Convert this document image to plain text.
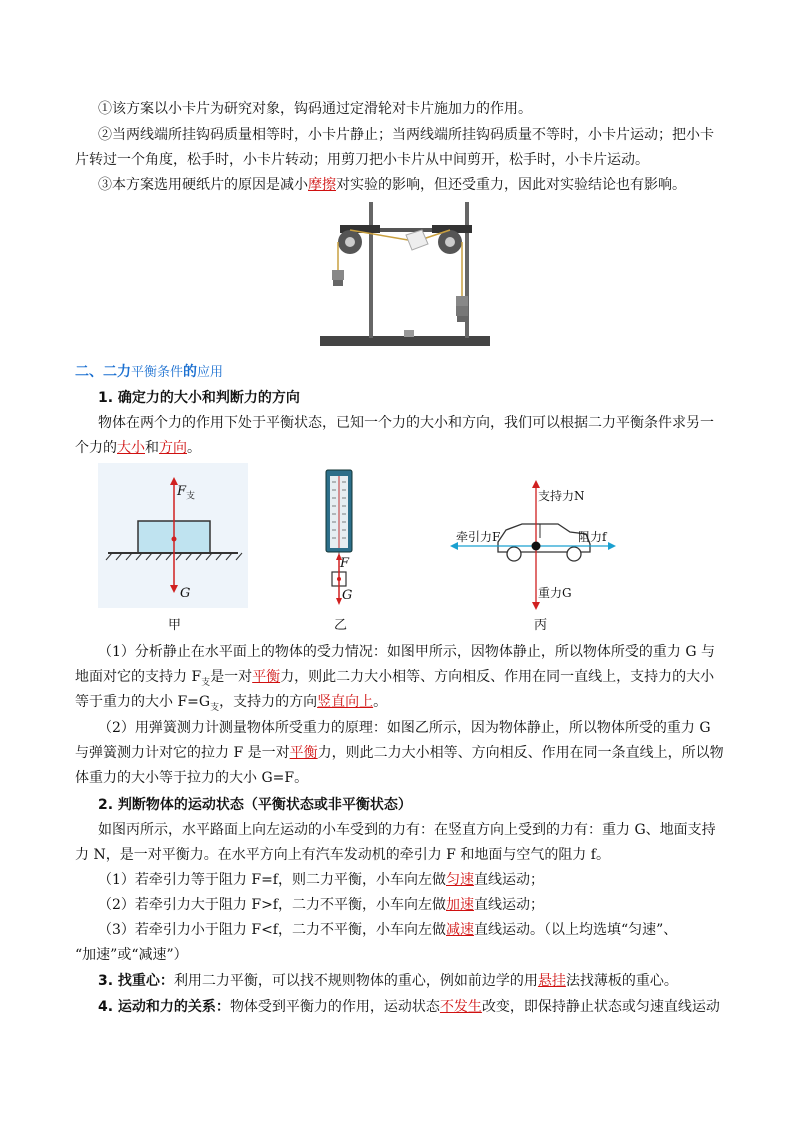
①该方案以小卡片为研究对象，钩码通过定滑轮对卡片施加力的作用。
②当两线端所挂钩码质量相等时，小卡片静止；当两线端所挂钩码质量不等时，小卡片运动；把小卡
片转过一个角度，松手时，小卡片转动；用剪刀把小卡片从中间剪开，松手时，小卡片运动。
③本方案选用硬纸片的原因是减小摩擦对实验的影响，但还受重力，因此对实验结论也有影响。
二、二力平衡条件的应用
1. 确定力的大小和判断力的方向
物体在两个力的作用下处于平衡状态，已知一个力的大小和方向，我们可以根据二力平衡条件求另一
个力的大小和方向。
$F_支$
G
甲
F
G
乙
支持力N
牵引力F	阻力f
重力G
丙
（1）分析静止在水平面上的物体的受力情况：如图甲所示，因物体静止，所以物体所受的重力 G 与
地面对它的支持力 $F_支$是一对平衡力，则此二力大小相等、方向相反、作用在同一直线上，支持力的大小
等于重力的大小 $F=G_支$，支持力的方向竖直向上。
（2）用弹簧测力计测量物体所受重力的原理：如图乙所示，因为物体静止，所以物体所受的重力 G
与弹簧测力计对它的拉力 F 是一对平衡力，则此二力大小相等、方向相反、作用在同一条直线上，所以物
体重力的大小等于拉力的大小 G=F。
2. 判断物体的运动状态（平衡状态或非平衡状态）
如图丙所示，水平路面上向左运动的小车受到的力有：在竖直方向上受到的力有：重力 G、地面支持
力 N，是一对平衡力。在水平方向上有汽车发动机的牵引力 F 和地面与空气的阻力 f。
（1）若牵引力等于阻力 F=f，则二力平衡，小车向左做匀速直线运动；
（2）若牵引力大于阻力 F>f，二力不平衡，小车向左做加速直线运动；
（3）若牵引力小于阻力 F<f，二力不平衡，小车向左做减速直线运动。（以上均选填“匀速”、
“加速”或“减速”）
3. 找重心：利用二力平衡，可以找不规则物体的重心，例如前边学的用悬挂法找薄板的重心。
4. 运动和力的关系：物体受到平衡力的作用，运动状态不发生改变，即保持静止状态或匀速直线运动
